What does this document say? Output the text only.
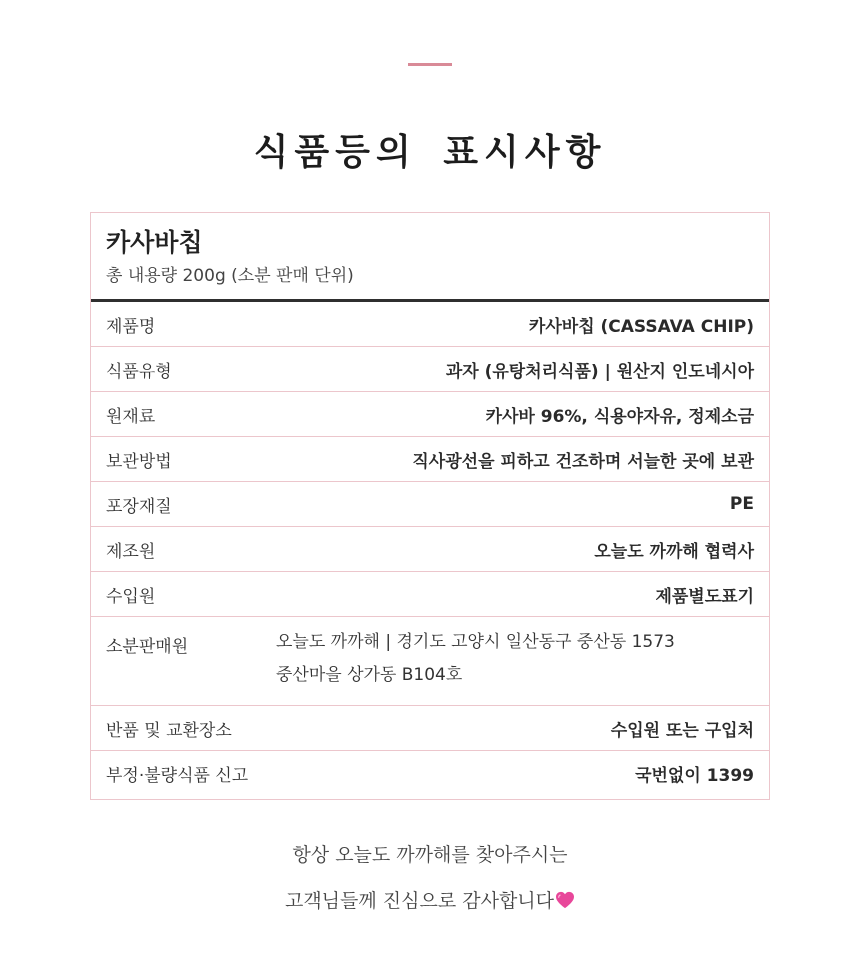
식품등의 표시사항
카사바칩
총 내용량 200g (소분 판매 단위)
제품명	카사바칩 (CASSAVA CHIP)
식품유형	과자 (유탕처리식품) | 원산지 인도네시아
원재료	카사바 96%, 식용야자유, 정제소금
보관방법	직사광선을 피하고 건조하며 서늘한 곳에 보관
포장재질	PE
제조원	오늘도 까까해 협력사
수입원	제품별도표기
소분판매원	오늘도 까까해 | 경기도 고양시 일산동구 중산동 1573
중산마을 상가동 B104호
반품 및 교환장소	수입원 또는 구입처
부정·불량식품 신고	국번없이 1399
항상 오늘도 까까해를 찾아주시는
고객님들께 진심으로 감사합니다
